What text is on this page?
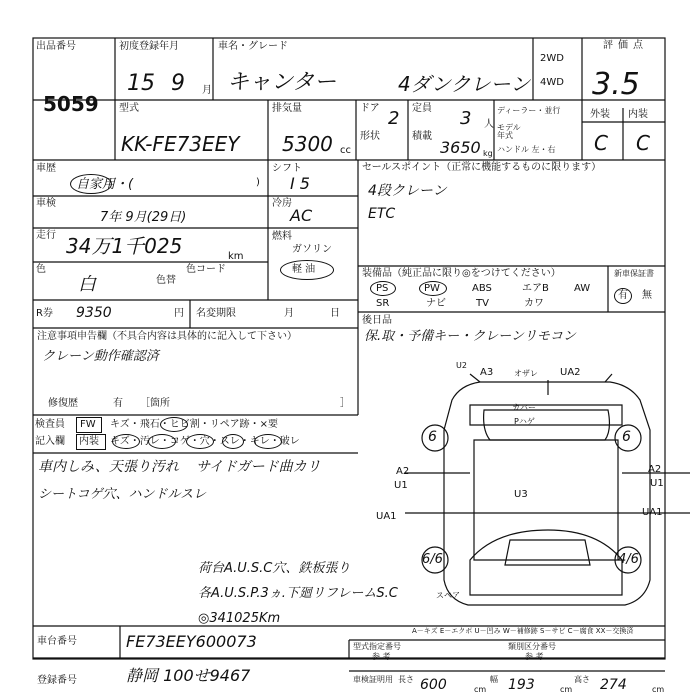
出品番号
5059
初度登録年月
15 9 月
車名・グレード
キャンター	4ダンクレーン
2WD
4WD
評価点
3.5
外装 内装
C C
型式
KK-FE73EEY
排気量
5300 cc
ドア 2 定員 3 人
形状	積載
3650 kg
ディーラー・並行
モデル年式
ハンドル 左・右
車歴
自家用・(	)
車検
7年 9月(29日)
走行 34万1千025	km
色
白	色替
色コード
R券 9350	円 名変期限	月	日
シフト
I 5
冷房
AC
燃料
ガソリン
軽 油
セールスポイント（正常に機能するものに限ります）
4段クレーン
ETC
装備品（純正品に限り◎をつけてください）
PS	PW	ABS	エアB	AW
SR	ナビ	TV	カワ
新車保証書
有 無
後日品
保.取・予備キー・クレーンリモコン
注意事項申告欄（不具合内容は具体的に記入して下さい）
クレーン動作確認済
修復歴	有 ［箇所	］
検査員
記入欄
FW
内装
キズ・飛石・ヒビ割・リペア跡・×要
キズ・汚レ・コゲ・穴・スレ・キレ・破レ
車内しみ、天張り汚れ
シートコゲ穴、ハンドルスレ
サイドガード曲カリ
荷台A.U.S.C穴、鉄板張り
各A.U.S.P.3ヵ.下廻リフレームS.C
◎341025Km
U2
A3	オザレ UA2
カバー
Pハゲ
6	6
A2
U1
A2
U1
U3
UA1	UA1
6/6	4/6
スペア
車台番号	FE73EEY600073
登録番号	静岡 100せ9467
A－キズ E－エクボ U－凹み W－補修跡 S－サビ C－腐食 XX－交換済
型式指定番号	類別区分番号
参 考	参 考
車検証明用 長さ 600	cm
幅 193	cm
高さ 274	cm
